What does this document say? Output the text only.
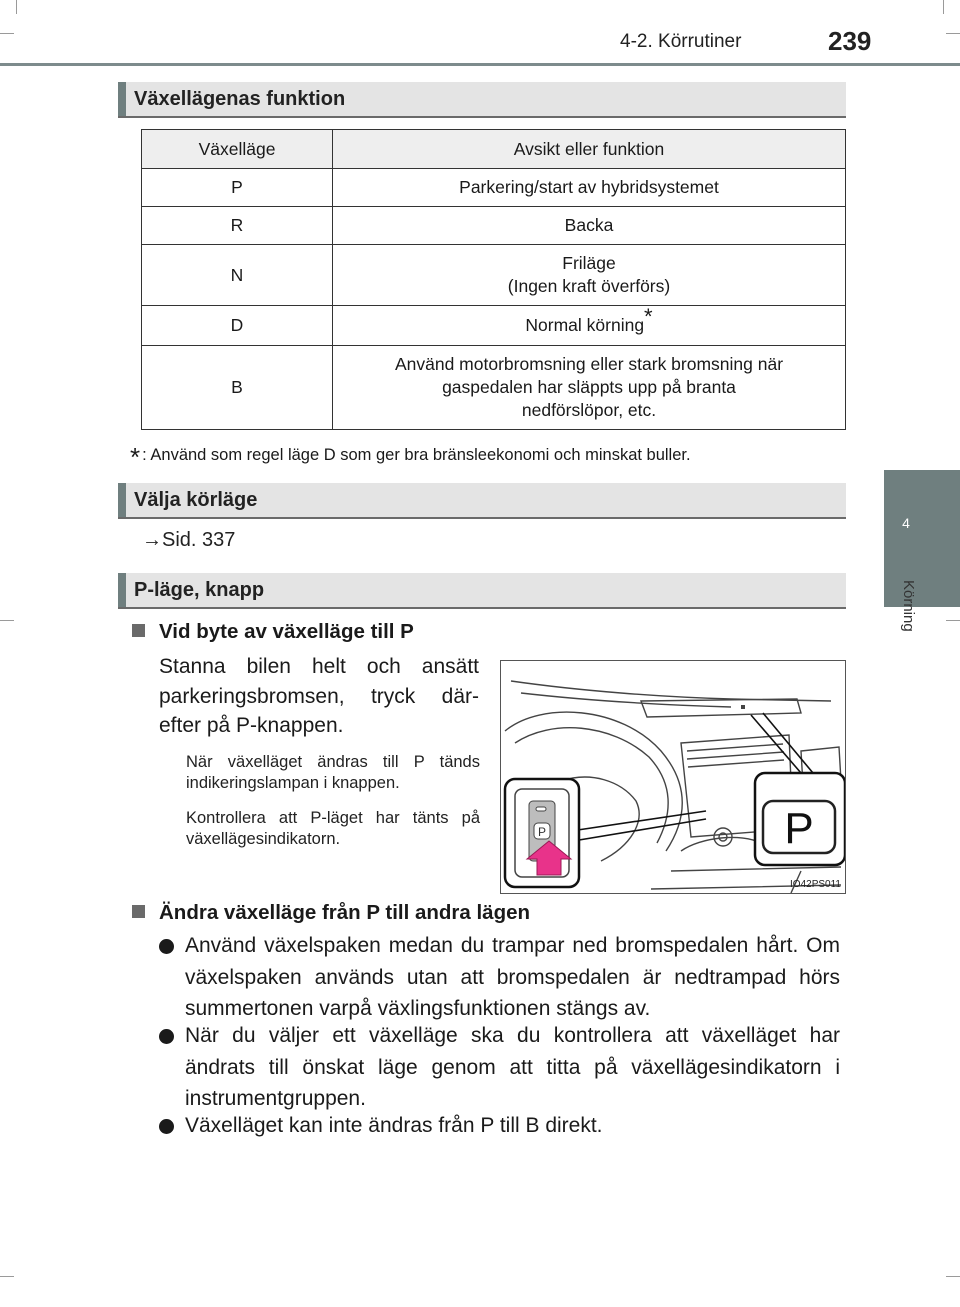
4-2. Körrutiner	239
4
Körning
Växellägenas funktion
Växelläge	Avsikt eller funktion
P	Parkering/start av hybridsystemet
R	Backa
N	Friläge
(Ingen kraft överförs)
D	Normal körning*
B	Använd motorbromsning eller stark bromsning när
gaspedalen har släppts upp på branta
nedförslöpor, etc.
* : Använd som regel läge D som ger bra bränsleekonomi och minskat buller.
Välja körläge
→Sid. 337
P-läge, knapp
Vid byte av växelläge till P
Stanna bilen helt och ansätt parkeringsbromsen, tryck där-efter på P-knappen.
När växelläget ändras till P tänds indikeringslampan i knappen.
Kontrollera att P-läget har tänts på växellägesindikatorn.	P	P
IO42PS011
Ändra växelläge från P till andra lägen
Använd växelspaken medan du trampar ned bromspedalen hårt. Om växelspaken används utan att bromspedalen är nedtrampad hörs summertonen varpå växlingsfunktionen stängs av.
När du väljer ett växelläge ska du kontrollera att växelläget har ändrats till önskat läge genom att titta på växellägesindikatorn i instrumentgruppen.
Växelläget kan inte ändras från P till B direkt.
